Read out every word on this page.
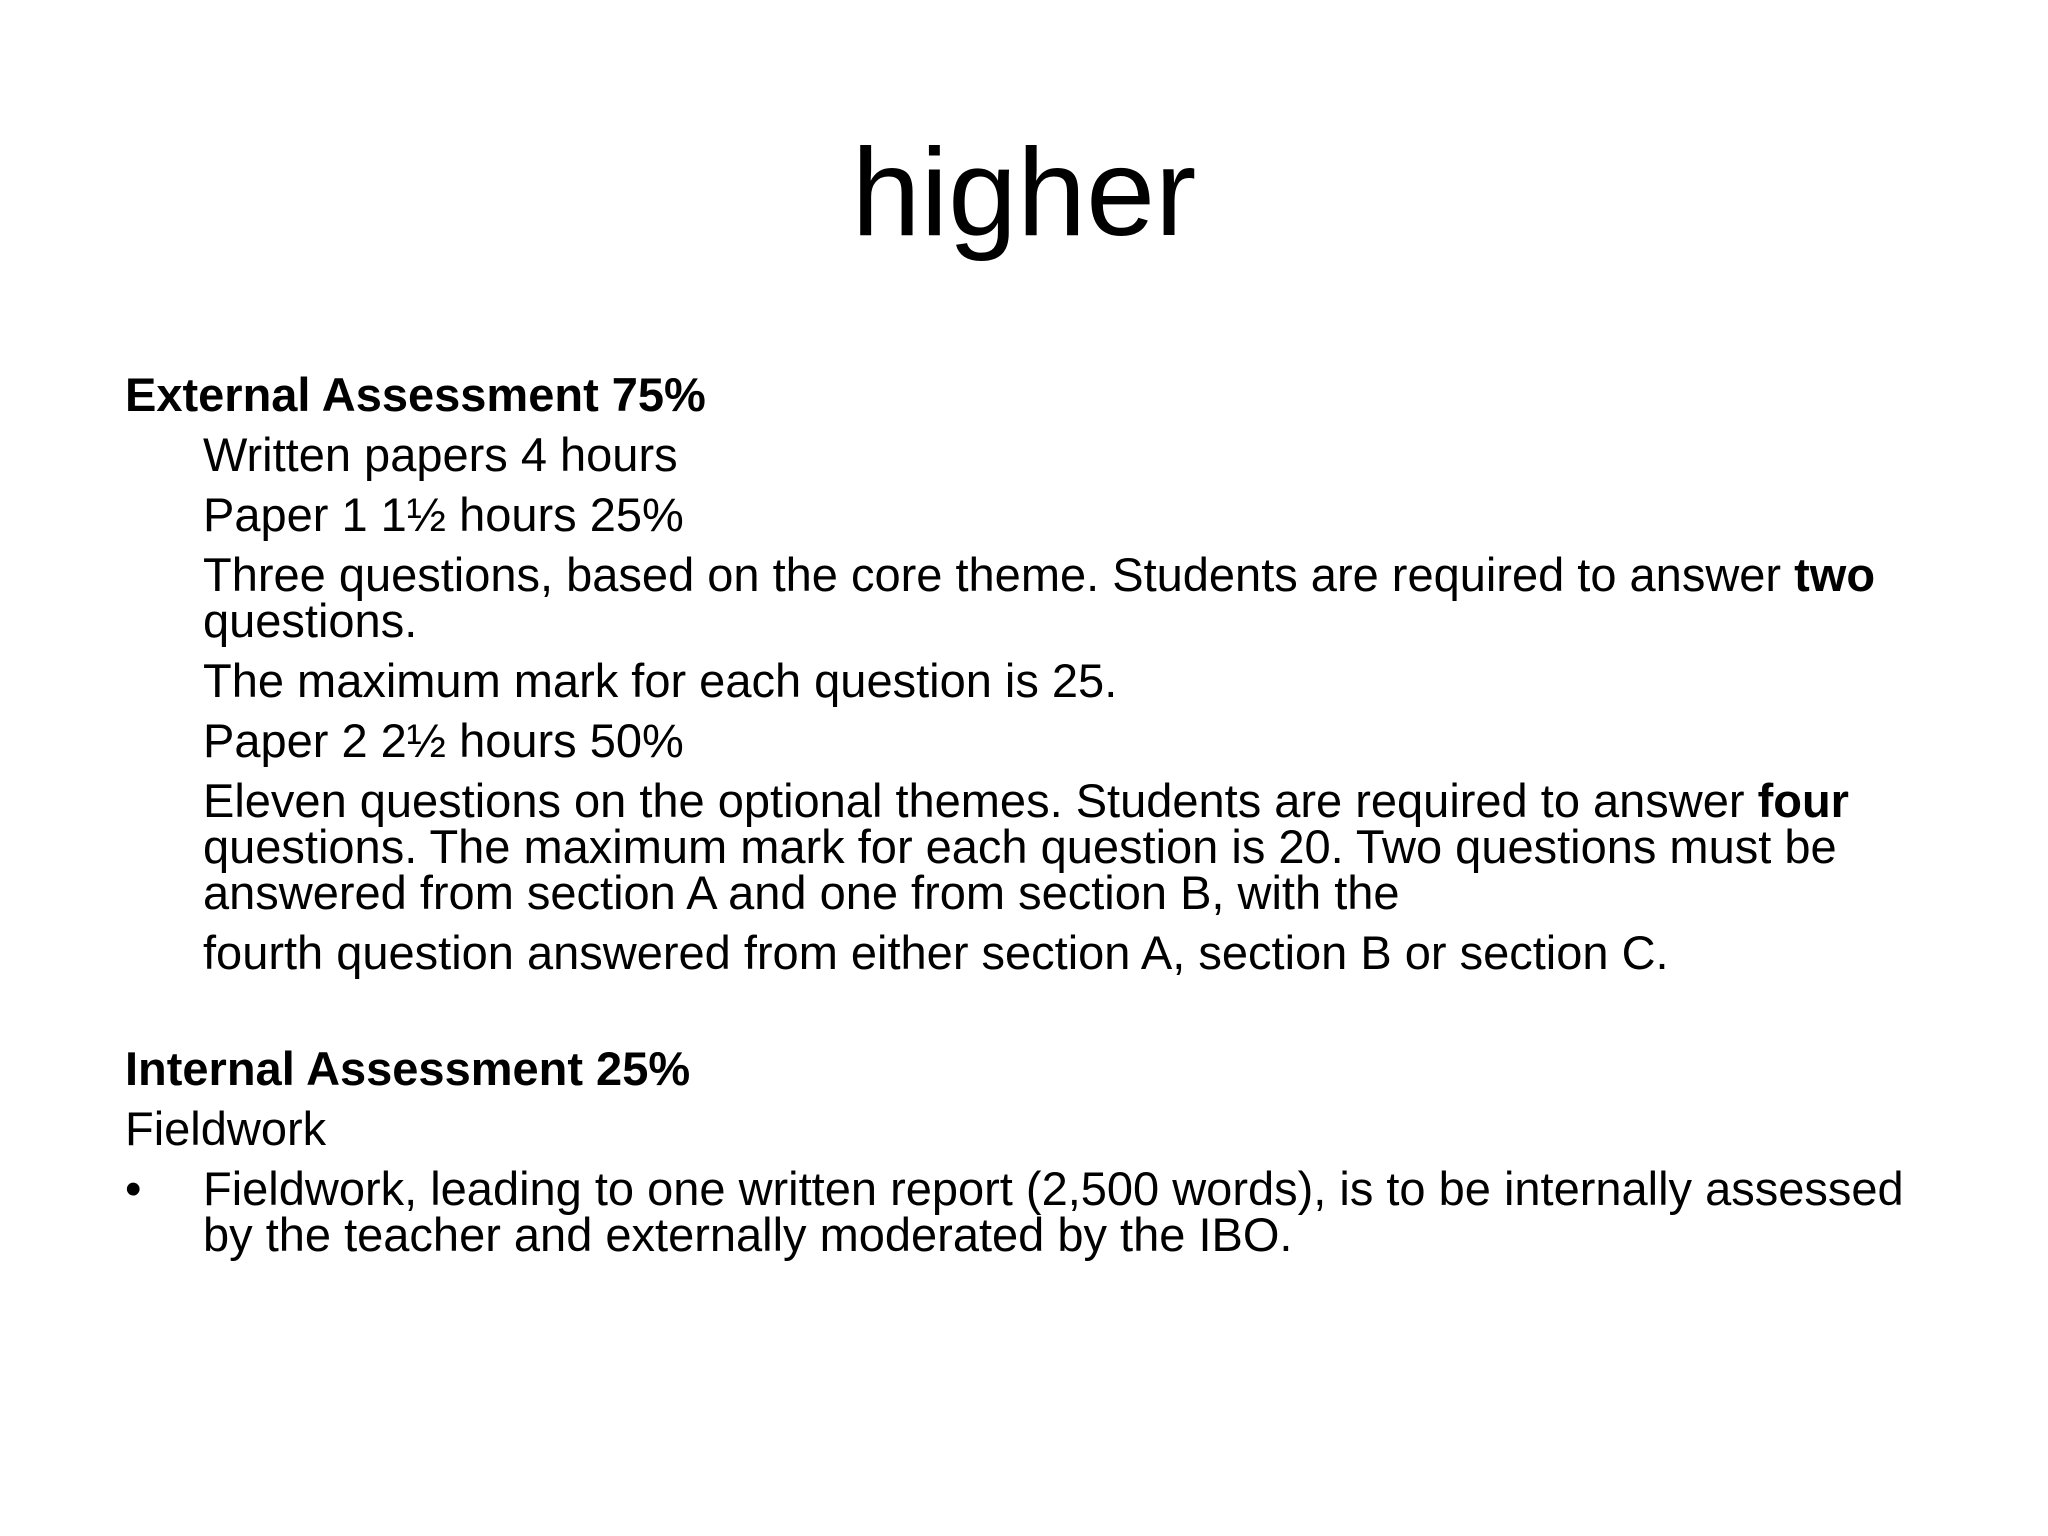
higher
External Assessment 75%
Written papers 4 hours
Paper 1 1½ hours 25%
Three questions, based on the core theme. Students are required to answer two questions.
The maximum mark for each question is 25.
Paper 2 2½ hours 50%
Eleven questions on the optional themes. Students are required to answer four questions. The maximum mark for each question is 20. Two questions must be answered from section A and one from section B, with the
fourth question answered from either section A, section B or section C.
Internal Assessment 25%
Fieldwork
•	Fieldwork, leading to one written report (2,500 words), is to be internally assessed by the teacher and externally moderated by the IBO.
